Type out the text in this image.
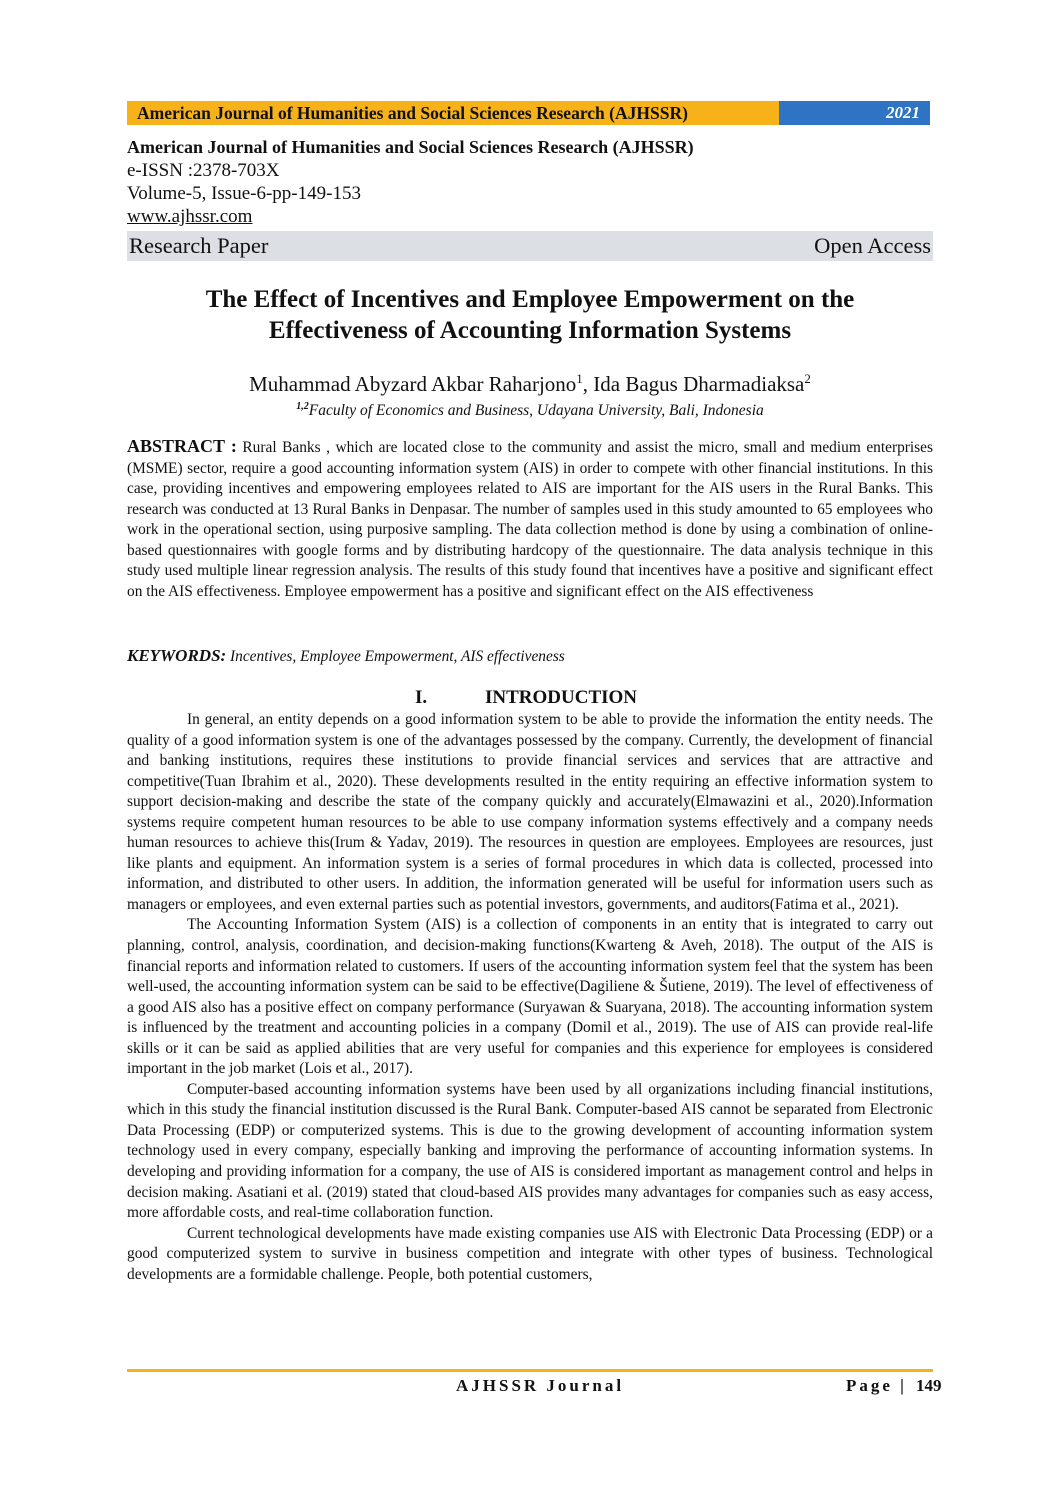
American Journal of Humanities and Social Sciences Research (AJHSSR)	2021
American Journal of Humanities and Social Sciences Research (AJHSSR)
e-ISSN :2378-703X
Volume-5, Issue-6-pp-149-153
www.ajhssr.com
Research Paper	Open Access
The Effect of Incentives and Employee Empowerment on the
Effectiveness of Accounting Information Systems
Muhammad Abyzard Akbar Raharjono$^1$, Ida Bagus Dharmadiaksa$^2$
$^{1,2}$Faculty of Economics and Business, Udayana University, Bali, Indonesia
ABSTRACT : Rural Banks , which are located close to the community and assist the micro, small and medium enterprises (MSME) sector, require a good accounting information system (AIS) in order to compete with other financial institutions. In this case, providing incentives and empowering employees related to AIS are important for the AIS users in the Rural Banks. This research was conducted at 13 Rural Banks in Denpasar. The number of samples used in this study amounted to 65 employees who work in the operational section, using purposive sampling. The data collection method is done by using a combination of online-based questionnaires with google forms and by distributing hardcopy of the questionnaire. The data analysis technique in this study used multiple linear regression analysis. The results of this study found that incentives have a positive and significant effect on the AIS effectiveness. Employee empowerment has a positive and significant effect on the AIS effectiveness
KEYWORDS: Incentives, Employee Empowerment, AIS effectiveness
I.	INTRODUCTION

In general, an entity depends on a good information system to be able to provide the information the entity needs. The quality of a good information system is one of the advantages possessed by the company. Currently, the development of financial and banking institutions, requires these institutions to provide financial services and services that are attractive and competitive(Tuan Ibrahim et al., 2020). These developments resulted in the entity requiring an effective information system to support decision-making and describe the state of the company quickly and accurately(Elmawazini et al., 2020).Information systems require competent human resources to be able to use company information systems effectively and a company needs human resources to achieve this(Irum & Yadav, 2019). The resources in question are employees. Employees are resources, just like plants and equipment. An information system is a series of formal procedures in which data is collected, processed into information, and distributed to other users. In addition, the information generated will be useful for information users such as managers or employees, and even external parties such as potential investors, governments, and auditors(Fatima et al., 2021).

The Accounting Information System (AIS) is a collection of components in an entity that is integrated to carry out planning, control, analysis, coordination, and decision-making functions(Kwarteng & Aveh, 2018). The output of the AIS is financial reports and information related to customers. If users of the accounting information system feel that the system has been well-used, the accounting information system can be said to be effective(Dagiliene & Šutiene, 2019). The level of effectiveness of a good AIS also has a positive effect on company performance (Suryawan & Suaryana, 2018). The accounting information system is influenced by the treatment and accounting policies in a company (Domil et al., 2019). The use of AIS can provide real-life skills or it can be said as applied abilities that are very useful for companies and this experience for employees is considered important in the job market (Lois et al., 2017).

Computer-based accounting information systems have been used by all organizations including financial institutions, which in this study the financial institution discussed is the Rural Bank. Computer-based AIS cannot be separated from Electronic Data Processing (EDP) or computerized systems. This is due to the growing development of accounting information system technology used in every company, especially banking and improving the performance of accounting information systems. In developing and providing information for a company, the use of AIS is considered important as management control and helps in decision making. Asatiani et al. (2019) stated that cloud-based AIS provides many advantages for companies such as easy access, more affordable costs, and real-time collaboration function.

Current technological developments have made existing companies use AIS with Electronic Data Processing (EDP) or a good computerized system to survive in business competition and integrate with other types of business. Technological developments are a formidable challenge. People, both potential customers,

AJHSSR Journal	Page | 149
